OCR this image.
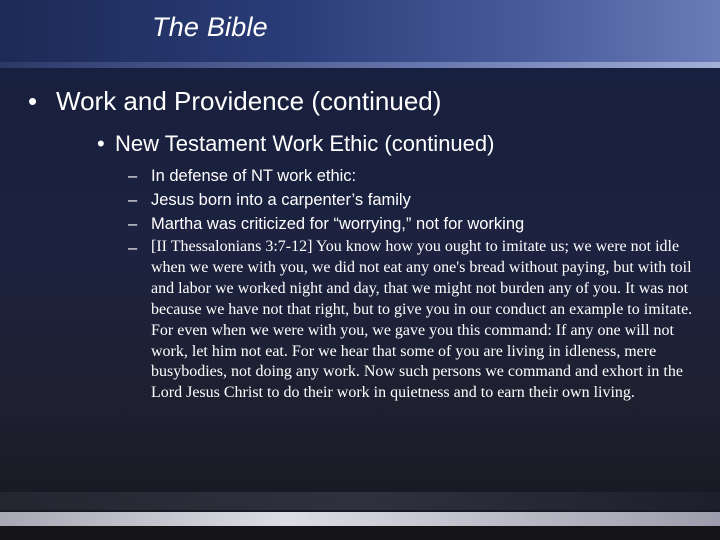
The Bible
• Work and Providence (continued)
• New Testament Work Ethic (continued)
– In defense of NT work ethic:
– Jesus born into a carpenter’s family
– Martha was criticized for “worrying,” not for working
– [II Thessalonians 3:7-12] You know how you ought to imitate us; we were not idle when we were with you, we did not eat any one's bread without paying, but with toil and labor we worked night and day, that we might not burden any of you. It was not because we have not that right, but to give you in our conduct an example to imitate. For even when we were with you, we gave you this command: If any one will not work, let him not eat. For we hear that some of you are living in idleness, mere busybodies, not doing any work. Now such persons we command and exhort in the Lord Jesus Christ to do their work in quietness and to earn their own living.
